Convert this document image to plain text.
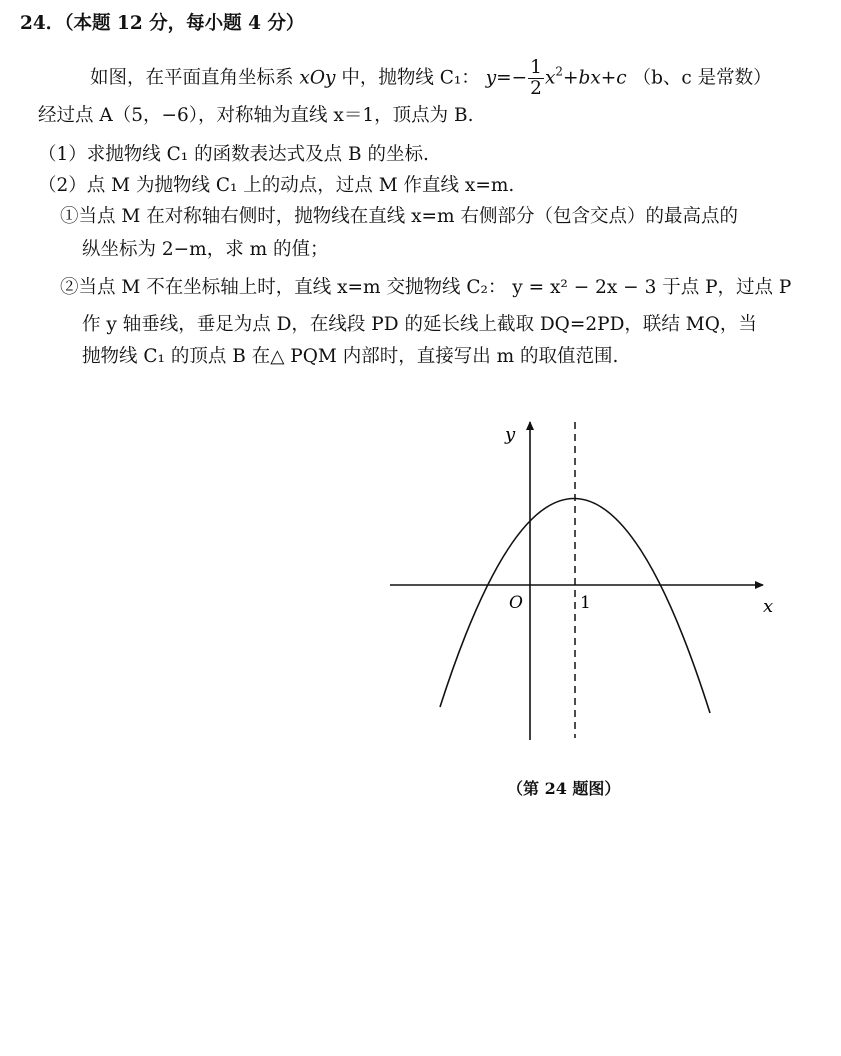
24．（本题 12 分，每小题 4 分）
如图，在平面直角坐标系 xOy 中，抛物线 C₁： $y=- \frac{1}{2} x^2+bx+c$ （b、c 是常数）
经过点 A（5，−6），对称轴为直线 x＝1，顶点为 B.
（1）求抛物线 C₁ 的函数表达式及点 B 的坐标.
（2）点 M 为抛物线 C₁ 上的动点，过点 M 作直线 x=m.
①当点 M 在对称轴右侧时，抛物线在直线 x=m 右侧部分（包含交点）的最高点的
纵坐标为 2−m，求 m 的值；
②当点 M 不在坐标轴上时，直线 x=m 交抛物线 C₂： y = x² − 2x − 3 于点 P，过点 P
作 y 轴垂线，垂足为点 D，在线段 PD 的延长线上截取 DQ=2PD，联结 MQ，当
抛物线 C₁ 的顶点 B 在△ PQM 内部时，直接写出 m 的取值范围.
y
x
O	1
（第 24 题图）
